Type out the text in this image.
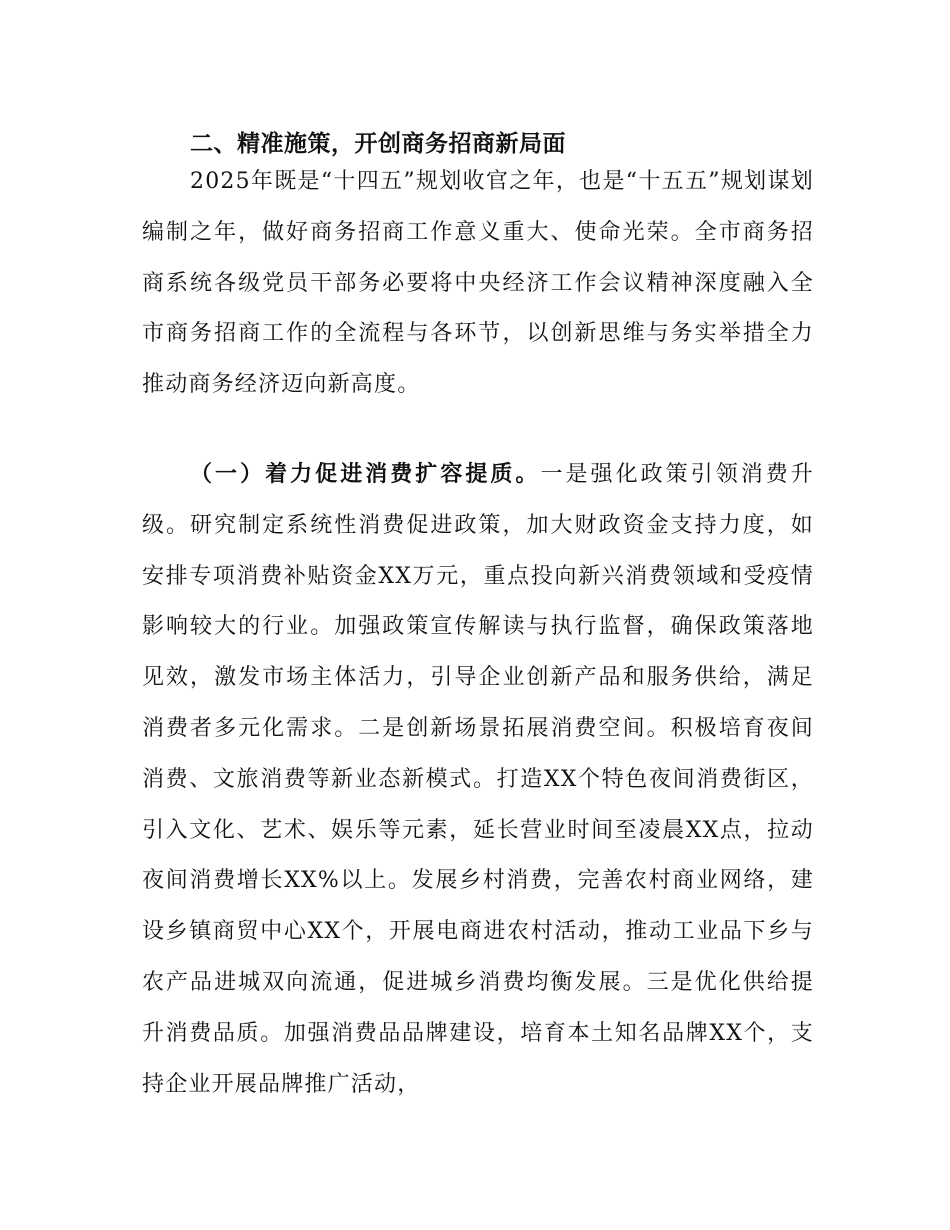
二、精准施策，开创商务招商新局面

2025年既是“十四五”规划收官之年，也是“十五五”规划谋划编制之年，做好商务招商工作意义重大、使命光荣。全市商务招商系统各级党员干部务必要将中央经济工作会议精神深度融入全市商务招商工作的全流程与各环节，以创新思维与务实举措全力推动商务经济迈向新高度。

（一）着力促进消费扩容提质。一是强化政策引领消费升级。研究制定系统性消费促进政策，加大财政资金支持力度，如安排专项消费补贴资金XX万元，重点投向新兴消费领域和受疫情影响较大的行业。加强政策宣传解读与执行监督，确保政策落地见效，激发市场主体活力，引导企业创新产品和服务供给，满足消费者多元化需求。二是创新场景拓展消费空间。积极培育夜间消费、文旅消费等新业态新模式。打造XX个特色夜间消费街区，引入文化、艺术、娱乐等元素，延长营业时间至凌晨XX点，拉动夜间消费增长XX%以上。发展乡村消费，完善农村商业网络，建设乡镇商贸中心XX个，开展电商进农村活动，推动工业品下乡与农产品进城双向流通，促进城乡消费均衡发展。三是优化供给提升消费品质。加强消费品品牌建设，培育本土知名品牌XX个，支持企业开展品牌推广活动，
